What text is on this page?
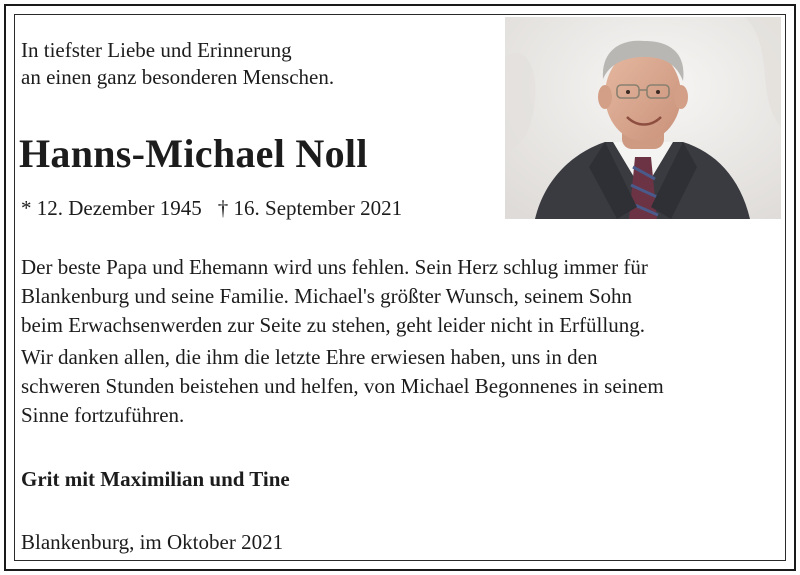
In tiefster Liebe und Erinnerung
an einen ganz besonderen Menschen.
Hanns-Michael Noll
* 12. Dezember 1945 † 16. September 2021
Der beste Papa und Ehemann wird uns fehlen. Sein Herz schlug immer für
Blankenburg und seine Familie. Michael's größter Wunsch, seinem Sohn
beim Erwachsenwerden zur Seite zu stehen, geht leider nicht in Erfüllung.
Wir danken allen, die ihm die letzte Ehre erwiesen haben, uns in den
schweren Stunden beistehen und helfen, von Michael Begonnenes in seinem
Sinne fortzuführen.
Grit mit Maximilian und Tine
Blankenburg, im Oktober 2021
